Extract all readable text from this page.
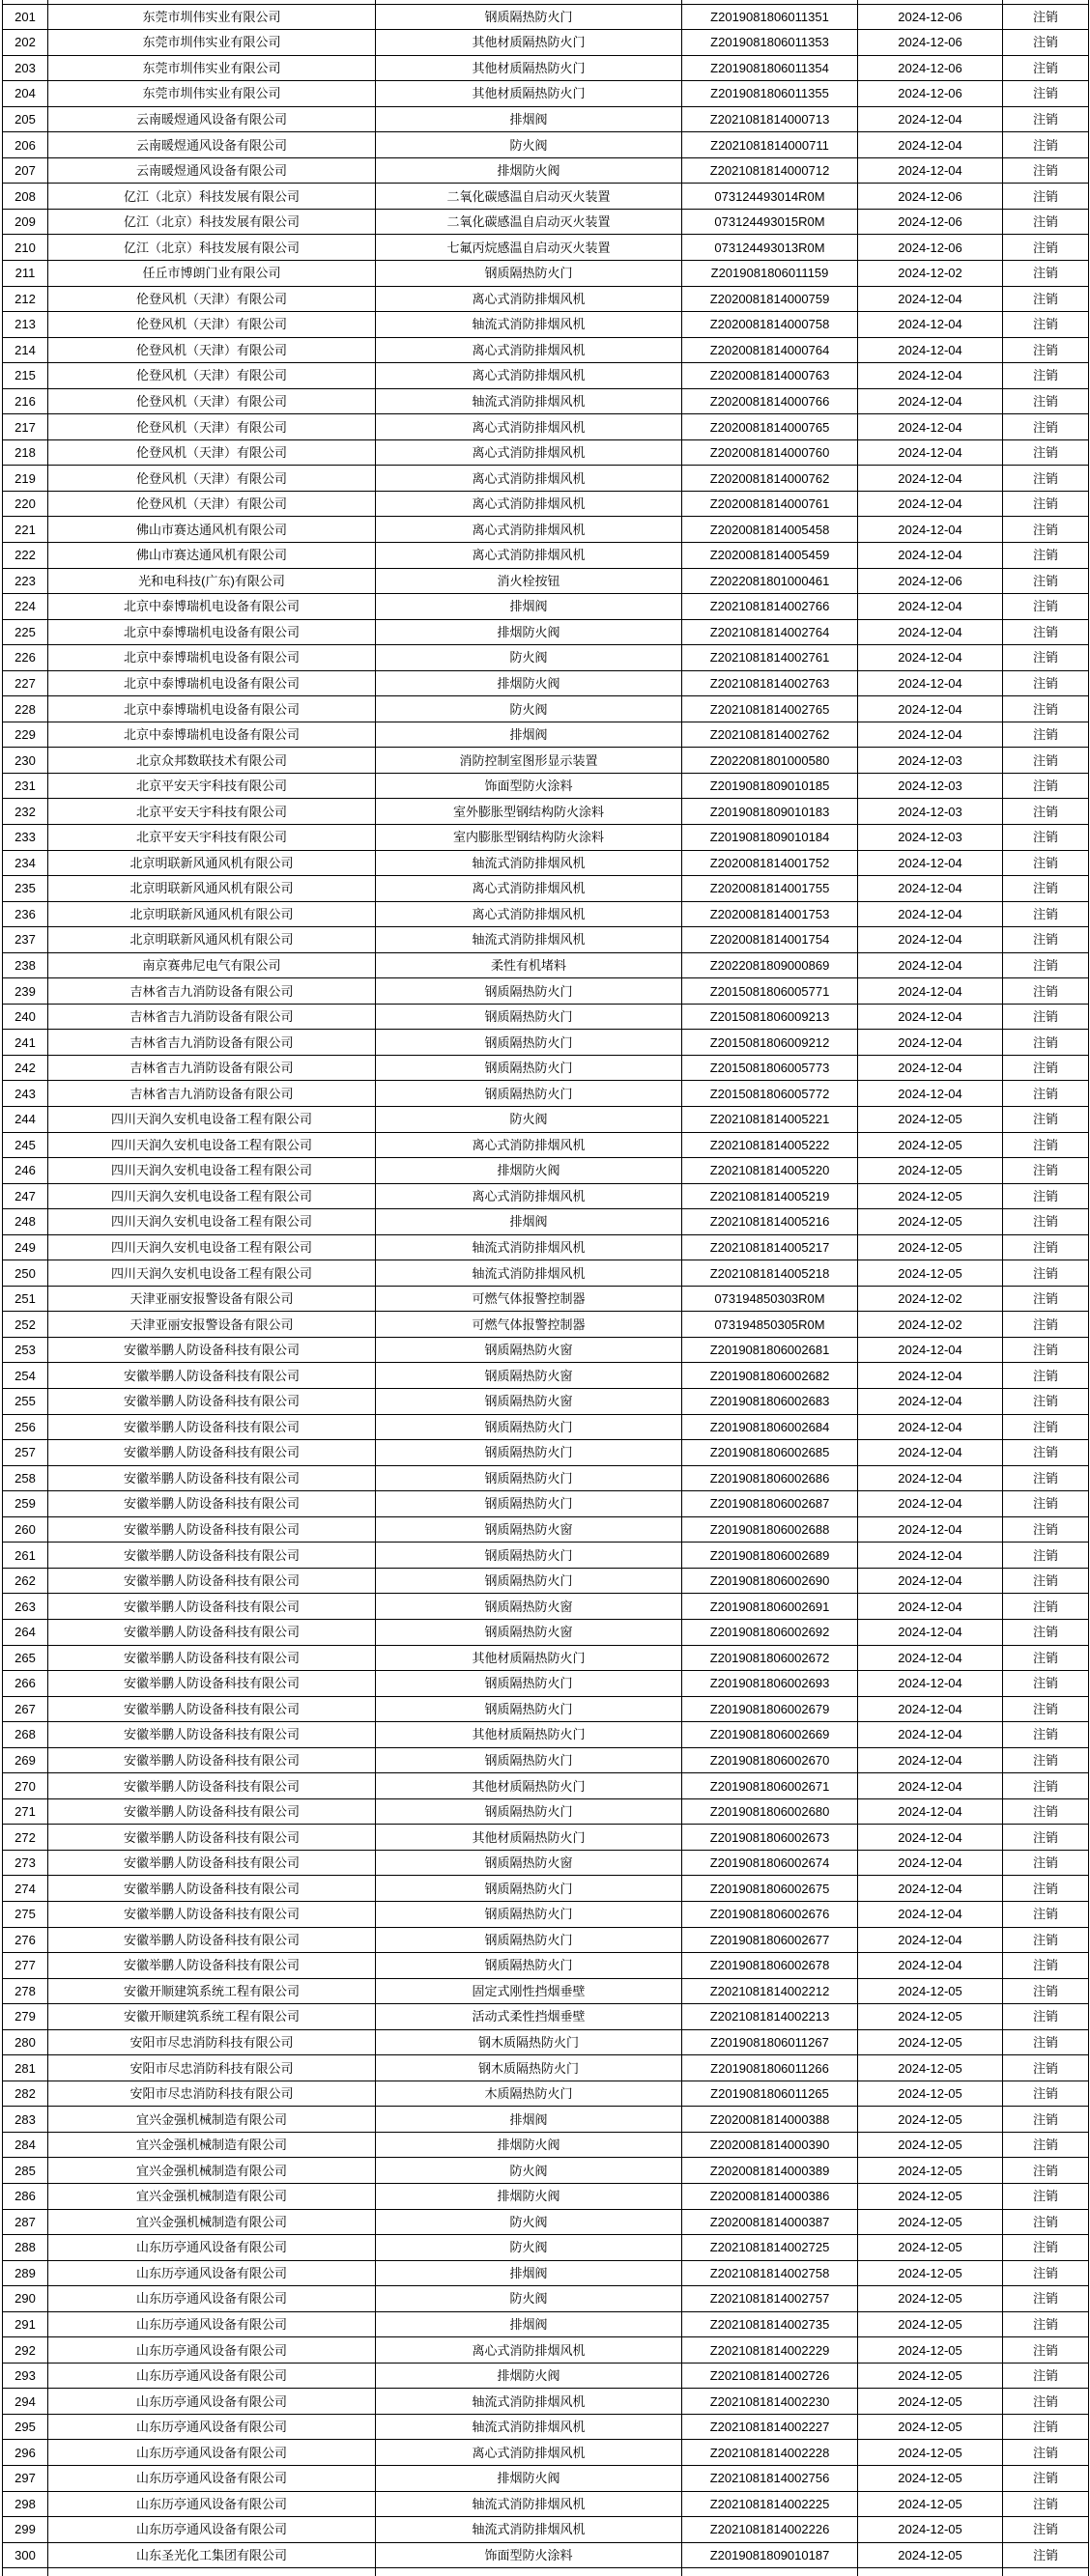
201	东莞市圳伟实业有限公司	钢质隔热防火门	Z2019081806011351	2024-12-06	注销
202	东莞市圳伟实业有限公司	其他材质隔热防火门	Z2019081806011353	2024-12-06	注销
203	东莞市圳伟实业有限公司	其他材质隔热防火门	Z2019081806011354	2024-12-06	注销
204	东莞市圳伟实业有限公司	其他材质隔热防火门	Z2019081806011355	2024-12-06	注销
205	云南暖煜通风设备有限公司	排烟阀	Z2021081814000713	2024-12-04	注销
206	云南暖煜通风设备有限公司	防火阀	Z2021081814000711	2024-12-04	注销
207	云南暖煜通风设备有限公司	排烟防火阀	Z2021081814000712	2024-12-04	注销
208	亿江（北京）科技发展有限公司	二氧化碳感温自启动灭火装置	073124493014R0M	2024-12-06	注销
209	亿江（北京）科技发展有限公司	二氧化碳感温自启动灭火装置	073124493015R0M	2024-12-06	注销
210	亿江（北京）科技发展有限公司	七氟丙烷感温自启动灭火装置	073124493013R0M	2024-12-06	注销
211	任丘市博朗门业有限公司	钢质隔热防火门	Z2019081806011159	2024-12-02	注销
212	伦登风机（天津）有限公司	离心式消防排烟风机	Z2020081814000759	2024-12-04	注销
213	伦登风机（天津）有限公司	轴流式消防排烟风机	Z2020081814000758	2024-12-04	注销
214	伦登风机（天津）有限公司	离心式消防排烟风机	Z2020081814000764	2024-12-04	注销
215	伦登风机（天津）有限公司	离心式消防排烟风机	Z2020081814000763	2024-12-04	注销
216	伦登风机（天津）有限公司	轴流式消防排烟风机	Z2020081814000766	2024-12-04	注销
217	伦登风机（天津）有限公司	离心式消防排烟风机	Z2020081814000765	2024-12-04	注销
218	伦登风机（天津）有限公司	离心式消防排烟风机	Z2020081814000760	2024-12-04	注销
219	伦登风机（天津）有限公司	离心式消防排烟风机	Z2020081814000762	2024-12-04	注销
220	伦登风机（天津）有限公司	离心式消防排烟风机	Z2020081814000761	2024-12-04	注销
221	佛山市赛达通风机有限公司	离心式消防排烟风机	Z2020081814005458	2024-12-04	注销
222	佛山市赛达通风机有限公司	离心式消防排烟风机	Z2020081814005459	2024-12-04	注销
223	光和电科技(广东)有限公司	消火栓按钮	Z2022081801000461	2024-12-06	注销
224	北京中泰博瑞机电设备有限公司	排烟阀	Z2021081814002766	2024-12-04	注销
225	北京中泰博瑞机电设备有限公司	排烟防火阀	Z2021081814002764	2024-12-04	注销
226	北京中泰博瑞机电设备有限公司	防火阀	Z2021081814002761	2024-12-04	注销
227	北京中泰博瑞机电设备有限公司	排烟防火阀	Z2021081814002763	2024-12-04	注销
228	北京中泰博瑞机电设备有限公司	防火阀	Z2021081814002765	2024-12-04	注销
229	北京中泰博瑞机电设备有限公司	排烟阀	Z2021081814002762	2024-12-04	注销
230	北京众邦数联技术有限公司	消防控制室图形显示装置	Z2022081801000580	2024-12-03	注销
231	北京平安天宇科技有限公司	饰面型防火涂料	Z2019081809010185	2024-12-03	注销
232	北京平安天宇科技有限公司	室外膨胀型钢结构防火涂料	Z2019081809010183	2024-12-03	注销
233	北京平安天宇科技有限公司	室内膨胀型钢结构防火涂料	Z2019081809010184	2024-12-03	注销
234	北京明联新风通风机有限公司	轴流式消防排烟风机	Z2020081814001752	2024-12-04	注销
235	北京明联新风通风机有限公司	离心式消防排烟风机	Z2020081814001755	2024-12-04	注销
236	北京明联新风通风机有限公司	离心式消防排烟风机	Z2020081814001753	2024-12-04	注销
237	北京明联新风通风机有限公司	轴流式消防排烟风机	Z2020081814001754	2024-12-04	注销
238	南京赛弗尼电气有限公司	柔性有机堵料	Z2022081809000869	2024-12-04	注销
239	吉林省吉九消防设备有限公司	钢质隔热防火门	Z2015081806005771	2024-12-04	注销
240	吉林省吉九消防设备有限公司	钢质隔热防火门	Z2015081806009213	2024-12-04	注销
241	吉林省吉九消防设备有限公司	钢质隔热防火门	Z2015081806009212	2024-12-04	注销
242	吉林省吉九消防设备有限公司	钢质隔热防火门	Z2015081806005773	2024-12-04	注销
243	吉林省吉九消防设备有限公司	钢质隔热防火门	Z2015081806005772	2024-12-04	注销
244	四川天润久安机电设备工程有限公司	防火阀	Z2021081814005221	2024-12-05	注销
245	四川天润久安机电设备工程有限公司	离心式消防排烟风机	Z2021081814005222	2024-12-05	注销
246	四川天润久安机电设备工程有限公司	排烟防火阀	Z2021081814005220	2024-12-05	注销
247	四川天润久安机电设备工程有限公司	离心式消防排烟风机	Z2021081814005219	2024-12-05	注销
248	四川天润久安机电设备工程有限公司	排烟阀	Z2021081814005216	2024-12-05	注销
249	四川天润久安机电设备工程有限公司	轴流式消防排烟风机	Z2021081814005217	2024-12-05	注销
250	四川天润久安机电设备工程有限公司	轴流式消防排烟风机	Z2021081814005218	2024-12-05	注销
251	天津亚丽安报警设备有限公司	可燃气体报警控制器	073194850303R0M	2024-12-02	注销
252	天津亚丽安报警设备有限公司	可燃气体报警控制器	073194850305R0M	2024-12-02	注销
253	安徽举鹏人防设备科技有限公司	钢质隔热防火窗	Z2019081806002681	2024-12-04	注销
254	安徽举鹏人防设备科技有限公司	钢质隔热防火窗	Z2019081806002682	2024-12-04	注销
255	安徽举鹏人防设备科技有限公司	钢质隔热防火窗	Z2019081806002683	2024-12-04	注销
256	安徽举鹏人防设备科技有限公司	钢质隔热防火门	Z2019081806002684	2024-12-04	注销
257	安徽举鹏人防设备科技有限公司	钢质隔热防火门	Z2019081806002685	2024-12-04	注销
258	安徽举鹏人防设备科技有限公司	钢质隔热防火门	Z2019081806002686	2024-12-04	注销
259	安徽举鹏人防设备科技有限公司	钢质隔热防火门	Z2019081806002687	2024-12-04	注销
260	安徽举鹏人防设备科技有限公司	钢质隔热防火窗	Z2019081806002688	2024-12-04	注销
261	安徽举鹏人防设备科技有限公司	钢质隔热防火门	Z2019081806002689	2024-12-04	注销
262	安徽举鹏人防设备科技有限公司	钢质隔热防火门	Z2019081806002690	2024-12-04	注销
263	安徽举鹏人防设备科技有限公司	钢质隔热防火窗	Z2019081806002691	2024-12-04	注销
264	安徽举鹏人防设备科技有限公司	钢质隔热防火窗	Z2019081806002692	2024-12-04	注销
265	安徽举鹏人防设备科技有限公司	其他材质隔热防火门	Z2019081806002672	2024-12-04	注销
266	安徽举鹏人防设备科技有限公司	钢质隔热防火门	Z2019081806002693	2024-12-04	注销
267	安徽举鹏人防设备科技有限公司	钢质隔热防火门	Z2019081806002679	2024-12-04	注销
268	安徽举鹏人防设备科技有限公司	其他材质隔热防火门	Z2019081806002669	2024-12-04	注销
269	安徽举鹏人防设备科技有限公司	钢质隔热防火门	Z2019081806002670	2024-12-04	注销
270	安徽举鹏人防设备科技有限公司	其他材质隔热防火门	Z2019081806002671	2024-12-04	注销
271	安徽举鹏人防设备科技有限公司	钢质隔热防火门	Z2019081806002680	2024-12-04	注销
272	安徽举鹏人防设备科技有限公司	其他材质隔热防火门	Z2019081806002673	2024-12-04	注销
273	安徽举鹏人防设备科技有限公司	钢质隔热防火窗	Z2019081806002674	2024-12-04	注销
274	安徽举鹏人防设备科技有限公司	钢质隔热防火门	Z2019081806002675	2024-12-04	注销
275	安徽举鹏人防设备科技有限公司	钢质隔热防火门	Z2019081806002676	2024-12-04	注销
276	安徽举鹏人防设备科技有限公司	钢质隔热防火门	Z2019081806002677	2024-12-04	注销
277	安徽举鹏人防设备科技有限公司	钢质隔热防火门	Z2019081806002678	2024-12-04	注销
278	安徽开顺建筑系统工程有限公司	固定式刚性挡烟垂壁	Z2021081814002212	2024-12-05	注销
279	安徽开顺建筑系统工程有限公司	活动式柔性挡烟垂壁	Z2021081814002213	2024-12-05	注销
280	安阳市尽忠消防科技有限公司	钢木质隔热防火门	Z2019081806011267	2024-12-05	注销
281	安阳市尽忠消防科技有限公司	钢木质隔热防火门	Z2019081806011266	2024-12-05	注销
282	安阳市尽忠消防科技有限公司	木质隔热防火门	Z2019081806011265	2024-12-05	注销
283	宜兴金强机械制造有限公司	排烟阀	Z2020081814000388	2024-12-05	注销
284	宜兴金强机械制造有限公司	排烟防火阀	Z2020081814000390	2024-12-05	注销
285	宜兴金强机械制造有限公司	防火阀	Z2020081814000389	2024-12-05	注销
286	宜兴金强机械制造有限公司	排烟防火阀	Z2020081814000386	2024-12-05	注销
287	宜兴金强机械制造有限公司	防火阀	Z2020081814000387	2024-12-05	注销
288	山东历亭通风设备有限公司	防火阀	Z2021081814002725	2024-12-05	注销
289	山东历亭通风设备有限公司	排烟阀	Z2021081814002758	2024-12-05	注销
290	山东历亭通风设备有限公司	防火阀	Z2021081814002757	2024-12-05	注销
291	山东历亭通风设备有限公司	排烟阀	Z2021081814002735	2024-12-05	注销
292	山东历亭通风设备有限公司	离心式消防排烟风机	Z2021081814002229	2024-12-05	注销
293	山东历亭通风设备有限公司	排烟防火阀	Z2021081814002726	2024-12-05	注销
294	山东历亭通风设备有限公司	轴流式消防排烟风机	Z2021081814002230	2024-12-05	注销
295	山东历亭通风设备有限公司	轴流式消防排烟风机	Z2021081814002227	2024-12-05	注销
296	山东历亭通风设备有限公司	离心式消防排烟风机	Z2021081814002228	2024-12-05	注销
297	山东历亭通风设备有限公司	排烟防火阀	Z2021081814002756	2024-12-05	注销
298	山东历亭通风设备有限公司	轴流式消防排烟风机	Z2021081814002225	2024-12-05	注销
299	山东历亭通风设备有限公司	轴流式消防排烟风机	Z2021081814002226	2024-12-05	注销
300	山东圣光化工集团有限公司	饰面型防火涂料	Z2019081809010187	2024-12-05	注销
